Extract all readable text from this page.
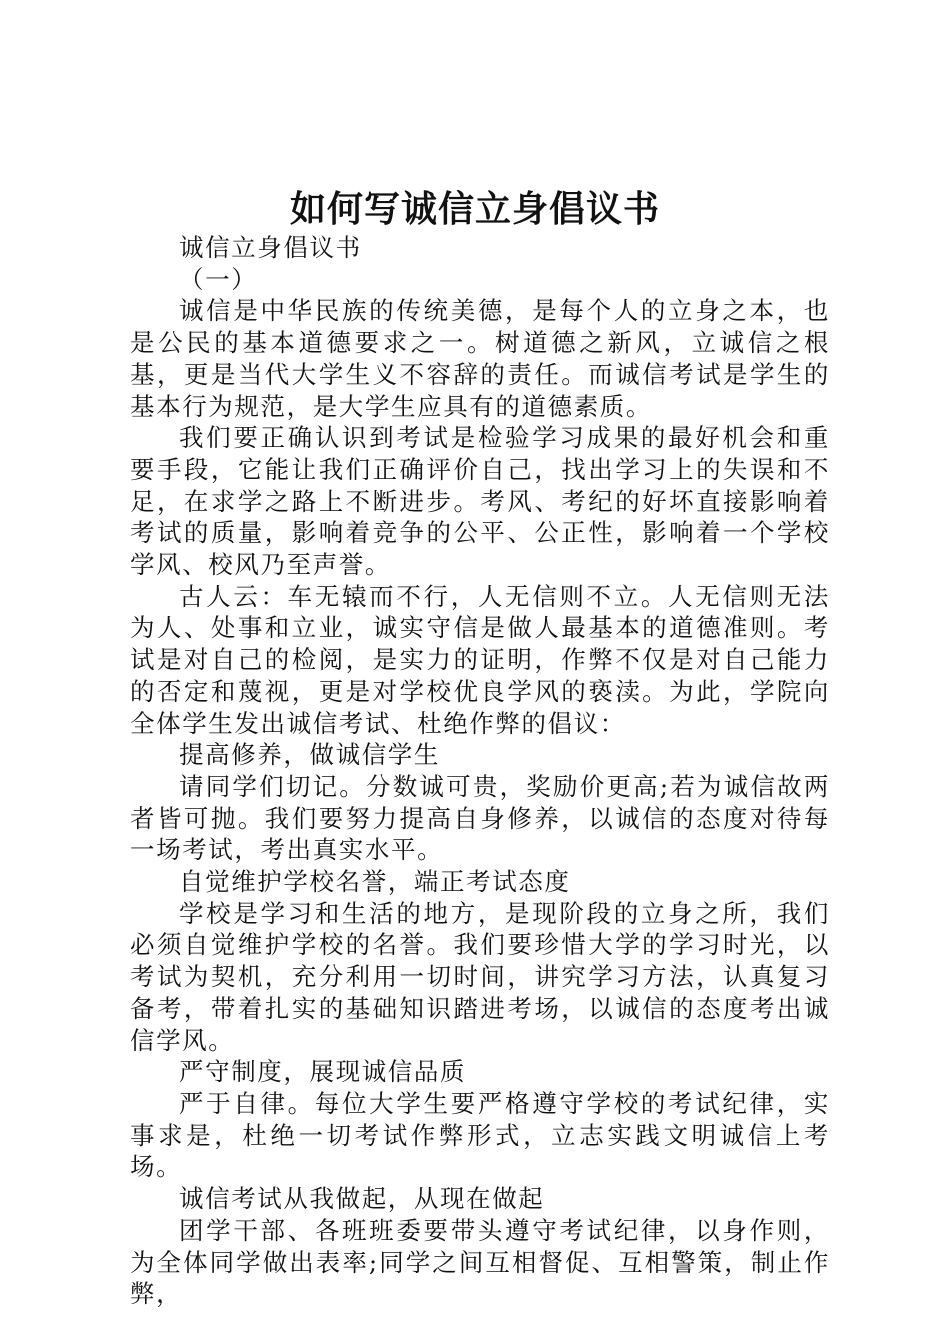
如何写诚信立身倡议书

诚信立身倡议书

（一）

诚信是中华民族的传统美德，是每个人的立身之本，也是公民的基本道德要求之一。树道德之新风，立诚信之根基，更是当代大学生义不容辞的责任。而诚信考试是学生的基本行为规范，是大学生应具有的道德素质。

我们要正确认识到考试是检验学习成果的最好机会和重要手段，它能让我们正确评价自己，找出学习上的失误和不足，在求学之路上不断进步。考风、考纪的好坏直接影响着考试的质量，影响着竞争的公平、公正性，影响着一个学校学风、校风乃至声誉。

古人云：车无辕而不行，人无信则不立。人无信则无法为人、处事和立业，诚实守信是做人最基本的道德准则。考试是对自己的检阅，是实力的证明，作弊不仅是对自己能力的否定和蔑视，更是对学校优良学风的亵渎。为此，学院向全体学生发出诚信考试、杜绝作弊的倡议：

提高修养，做诚信学生

请同学们切记。分数诚可贵，奖励价更高;若为诚信故两者皆可抛。我们要努力提高自身修养，以诚信的态度对待每一场考试，考出真实水平。

自觉维护学校名誉，端正考试态度

学校是学习和生活的地方，是现阶段的立身之所，我们必须自觉维护学校的名誉。我们要珍惜大学的学习时光，以考试为契机，充分利用一切时间，讲究学习方法，认真复习备考，带着扎实的基础知识踏进考场，以诚信的态度考出诚信学风。

严守制度，展现诚信品质

严于自律。每位大学生要严格遵守学校的考试纪律，实事求是，杜绝一切考试作弊形式，立志实践文明诚信上考场。

诚信考试从我做起，从现在做起

团学干部、各班班委要带头遵守考试纪律，以身作则，为全体同学做出表率;同学之间互相督促、互相警策，制止作弊，
